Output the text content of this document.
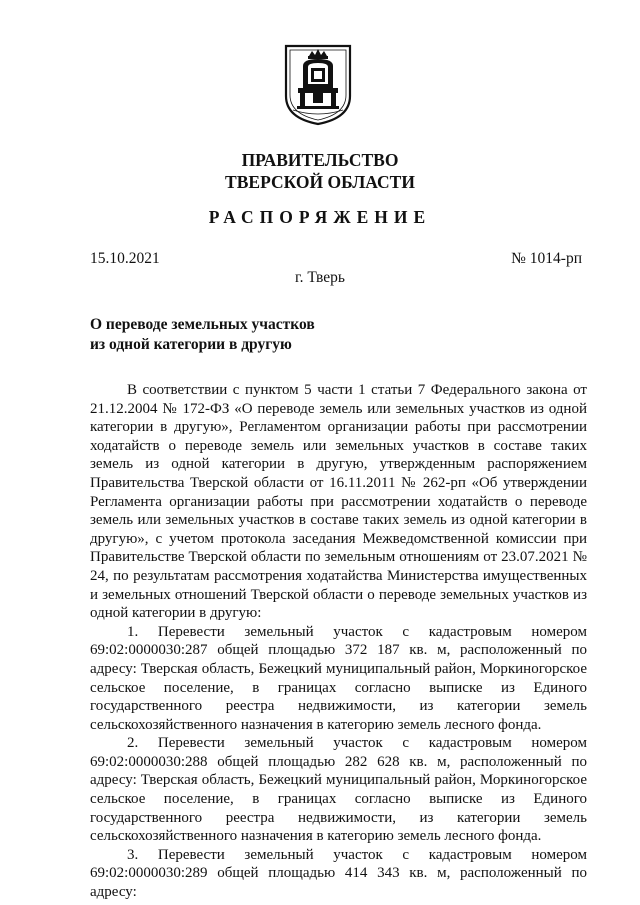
ПРАВИТЕЛЬСТВО
ТВЕРСКОЙ ОБЛАСТИ
РАСПОРЯЖЕНИЕ
15.10.2021	№ 1014-рп
г. Тверь
О переводе земельных участков
из одной категории в другую

В соответствии с пунктом 5 части 1 статьи 7 Федерального закона от 21.12.2004 № 172-ФЗ «О переводе земель или земельных участков из одной категории в другую», Регламентом организации работы при рассмотрении ходатайств о переводе земель или земельных участков в составе таких земель из одной категории в другую, утвержденным распоряжением Правительства Тверской области от 16.11.2011 № 262-рп «Об утверждении Регламента организации работы при рассмотрении ходатайств о переводе земель или земельных участков в составе таких земель из одной категории в другую», с учетом протокола заседания Межведомственной комиссии при Правительстве Тверской области по земельным отношениям от 23.07.2021 № 24, по результатам рассмотрения ходатайства Министерства имущественных и земельных отношений Тверской области о переводе земельных участков из одной категории в другую:

1. Перевести земельный участок с кадастровым номером 69:02:0000030:287 общей площадью 372 187 кв. м, расположенный по адресу: Тверская область, Бежецкий муниципальный район, Моркиногорское сельское поселение, в границах согласно выписке из Единого государственного реестра недвижимости, из категории земель сельскохозяйственного назначения в категорию земель лесного фонда.

2. Перевести земельный участок с кадастровым номером 69:02:0000030:288 общей площадью 282 628 кв. м, расположенный по адресу: Тверская область, Бежецкий муниципальный район, Моркиногорское сельское поселение, в границах согласно выписке из Единого государственного реестра недвижимости, из категории земель сельскохозяйственного назначения в категорию земель лесного фонда.

3. Перевести земельный участок с кадастровым номером 69:02:0000030:289 общей площадью 414 343 кв. м, расположенный по адресу:
